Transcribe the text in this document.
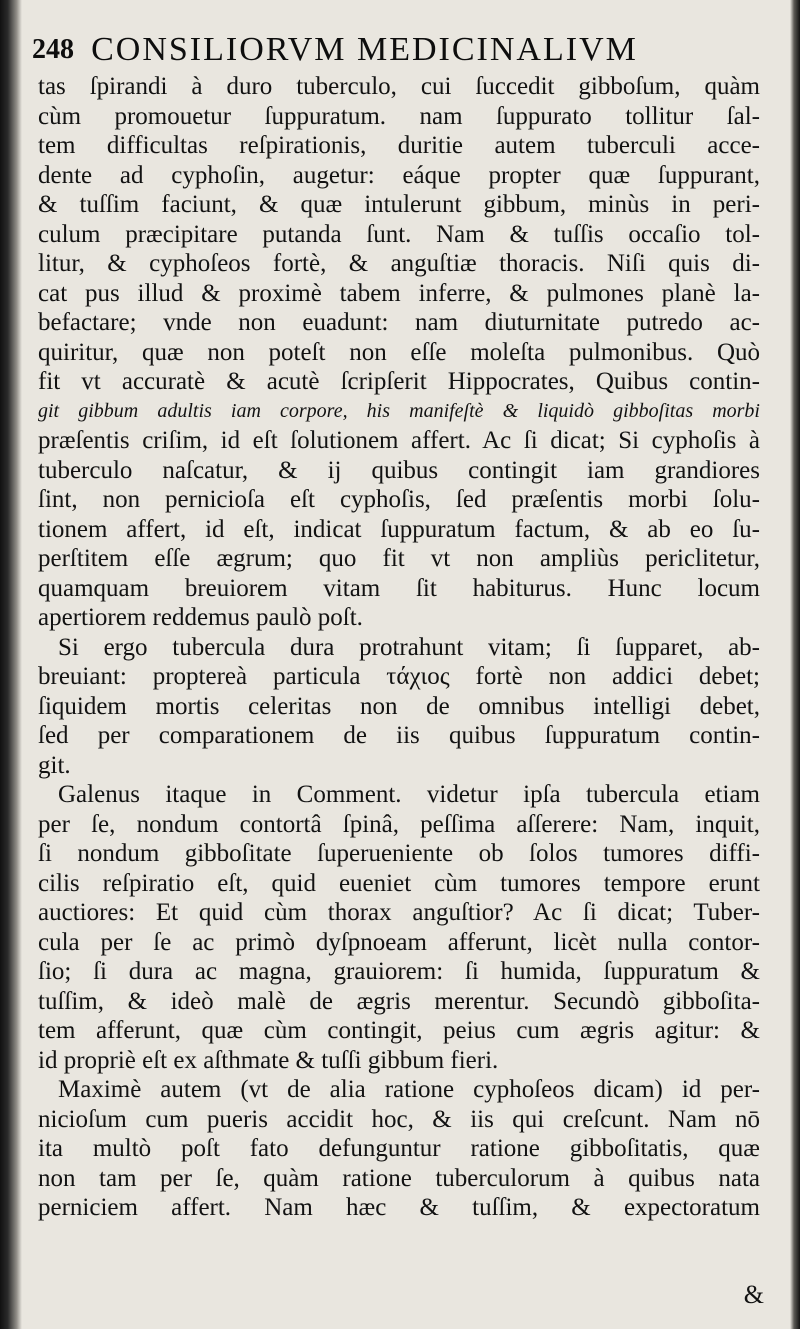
248 CONSILIORVM MEDICINALIVM
tas ſpirandi à duro tuberculo, cui ſuccedit gibboſum, quàm
cùm promouetur ſuppuratum. nam ſuppurato tollitur ſal-
tem difficultas reſpirationis, duritie autem tuberculi acce-
dente ad cyphoſin, augetur: eáque propter quæ ſuppurant,
& tuſſim faciunt, & quæ intulerunt gibbum, minùs in peri-
culum præcipitare putanda ſunt. Nam & tuſſis occaſio tol-
litur, & cyphoſeos fortè, & anguſtiæ thoracis. Niſi quis di-
cat pus illud & proximè tabem inferre, & pulmones planè la-
befactare; vnde non euadunt: nam diuturnitate putredo ac-
quiritur, quæ non poteſt non eſſe moleſta pulmonibus. Quò
fit vt accuratè & acutè ſcripſerit Hippocrates, Quibus contin-
git gibbum adultis iam corpore, his manifeſtè & liquidò gibboſitas morbi
præſentis criſim, id eſt ſolutionem affert. Ac ſi dicat; Si cyphoſis à
tuberculo naſcatur, & ij quibus contingit iam grandiores
ſint, non pernicioſa eſt cyphoſis, ſed præſentis morbi ſolu-
tionem affert, id eſt, indicat ſuppuratum factum, & ab eo ſu-
perſtitem eſſe ægrum; quo fit vt non ampliùs periclitetur,
quamquam breuiorem vitam ſit habiturus. Hunc locum
apertiorem reddemus paulò poſt.
Si ergo tubercula dura protrahunt vitam; ſi ſupparet, ab-
breuiant: proptereà particula τάχιος fortè non addici debet;
ſiquidem mortis celeritas non de omnibus intelligi debet,
ſed per comparationem de iis quibus ſuppuratum contin-
git.
Galenus itaque in Comment. videtur ipſa tubercula etiam
per ſe, nondum contortâ ſpinâ, peſſima aſſerere: Nam, inquit,
ſi nondum gibboſitate ſuperueniente ob ſolos tumores diffi-
cilis reſpiratio eſt, quid eueniet cùm tumores tempore erunt
auctiores: Et quid cùm thorax anguſtior? Ac ſi dicat; Tuber-
cula per ſe ac primò dyſpnoeam afferunt, licèt nulla contor-
ſio; ſi dura ac magna, grauiorem: ſi humida, ſuppuratum &
tuſſim, & ideò malè de ægris merentur. Secundò gibboſita-
tem afferunt, quæ cùm contingit, peius cum ægris agitur: &
id propriè eſt ex aſthmate & tuſſi gibbum fieri.
Maximè autem (vt de alia ratione cyphoſeos dicam) id per-
nicioſum cum pueris accidit hoc, & iis qui creſcunt. Nam nō
ita multò poſt fato defunguntur ratione gibboſitatis, quæ
non tam per ſe, quàm ratione tuberculorum à quibus nata
perniciem affert. Nam hæc & tuſſim, & expectoratum
&
